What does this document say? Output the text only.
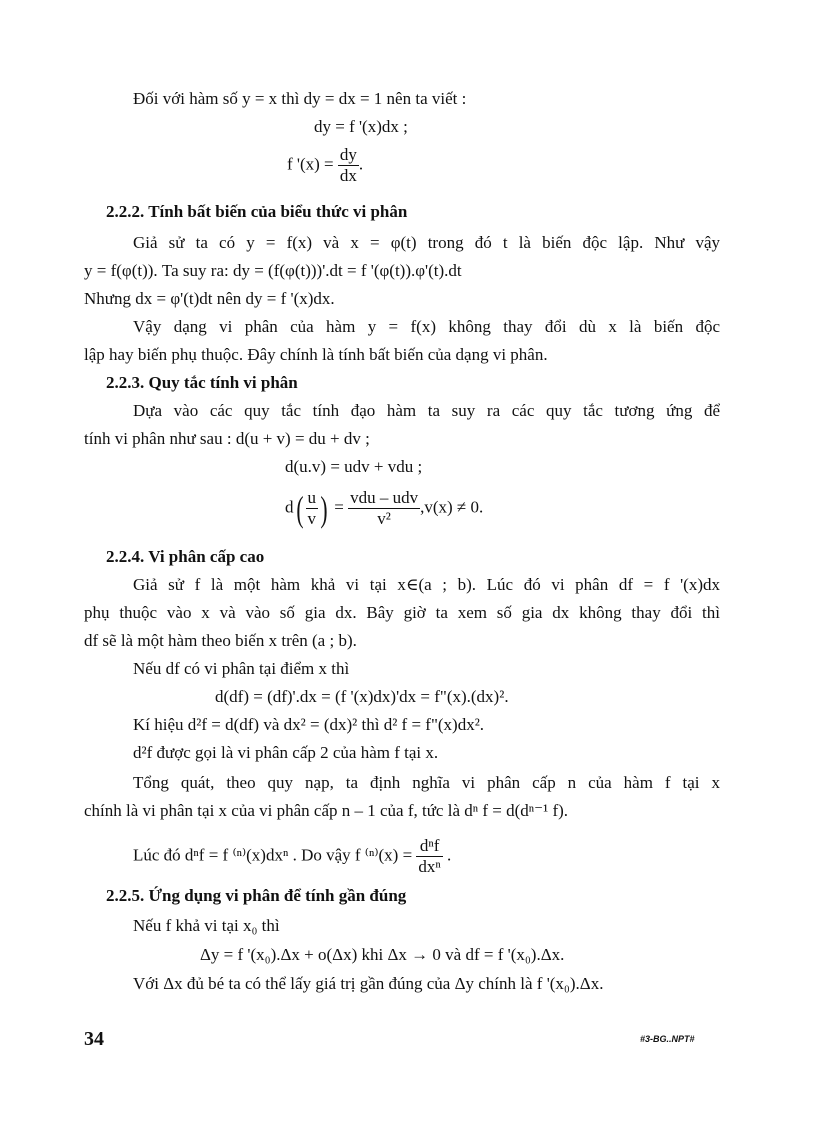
Đối với hàm số y = x thì dy = dx = 1 nên ta viết :
dy = f '(x)dx ;
f '$(x) = \frac{dy}{dx}$ .
2.2.2. Tính bất biến của biểu thức vi phân
Giả sử ta có y = f(x) và x = φ(t) trong đó t là biến độc lập. Như vậy
y = f(φ(t)). Ta suy ra: dy = (f(φ(t)))'.dt = f '(φ(t)).φ'(t).dt
Nhưng dx = φ'(t)dt nên dy = f '(x)dx.
Vậy dạng vi phân của hàm y = f(x) không thay đổi dù x là biến độc
lập hay biến phụ thuộc. Đây chính là tính bất biến của dạng vi phân.
2.2.3. Quy tắc tính vi phân
Dựa vào các quy tắc tính đạo hàm ta suy ra các quy tắc tương ứng để
tính vi phân như sau : d(u + v) = du + dv ;
d(u.v) = udv + vdu ;
$d( \frac{u}{v}$ ) = $\frac{\text{vdu – udv}}{\text{v²}} ,v(x) \ne 0$.
2.2.4. Vi phân cấp cao
Giả sử f là một hàm khả vi tại x∈(a ; b). Lúc đó vi phân df = f '(x)dx
phụ thuộc vào x và vào số gia dx. Bây giờ ta xem số gia dx không thay đổi thì
df sẽ là một hàm theo biến x trên (a ; b).
Nếu df có vi phân tại điểm x thì
d(df) = (df)'.dx = (f '(x)dx)'dx = f"(x).(dx)².
Kí hiệu d²f = d(df) và dx² = (dx)² thì d² f = f"(x)dx².
d²f được gọi là vi phân cấp 2 của hàm f tại x.
Tổng quát, theo quy nạp, ta định nghĩa vi phân cấp n của hàm f tại x
chính là vi phân tại x của vi phân cấp n – 1 của f, tức là dⁿ f = d(dⁿ⁻¹ f).
Lúc đó dⁿf = f ⁽ⁿ⁾(x)dxⁿ . Do vậy f $^{(n)}(x) = \frac{\text{dⁿf}}{\text{dxⁿ}}$ .
2.2.5. Ứng dụng vi phân để tính gần đúng
Nếu f khả vi tại x₀ thì
Δy = f '(x₀).Δx + o(Δx) khi Δx → 0 và df = f '(x₀).Δx.
Với Δx đủ bé ta có thể lấy giá trị gần đúng của Δy chính là f '(x₀).Δx.
34	#3-BG..NPT#
